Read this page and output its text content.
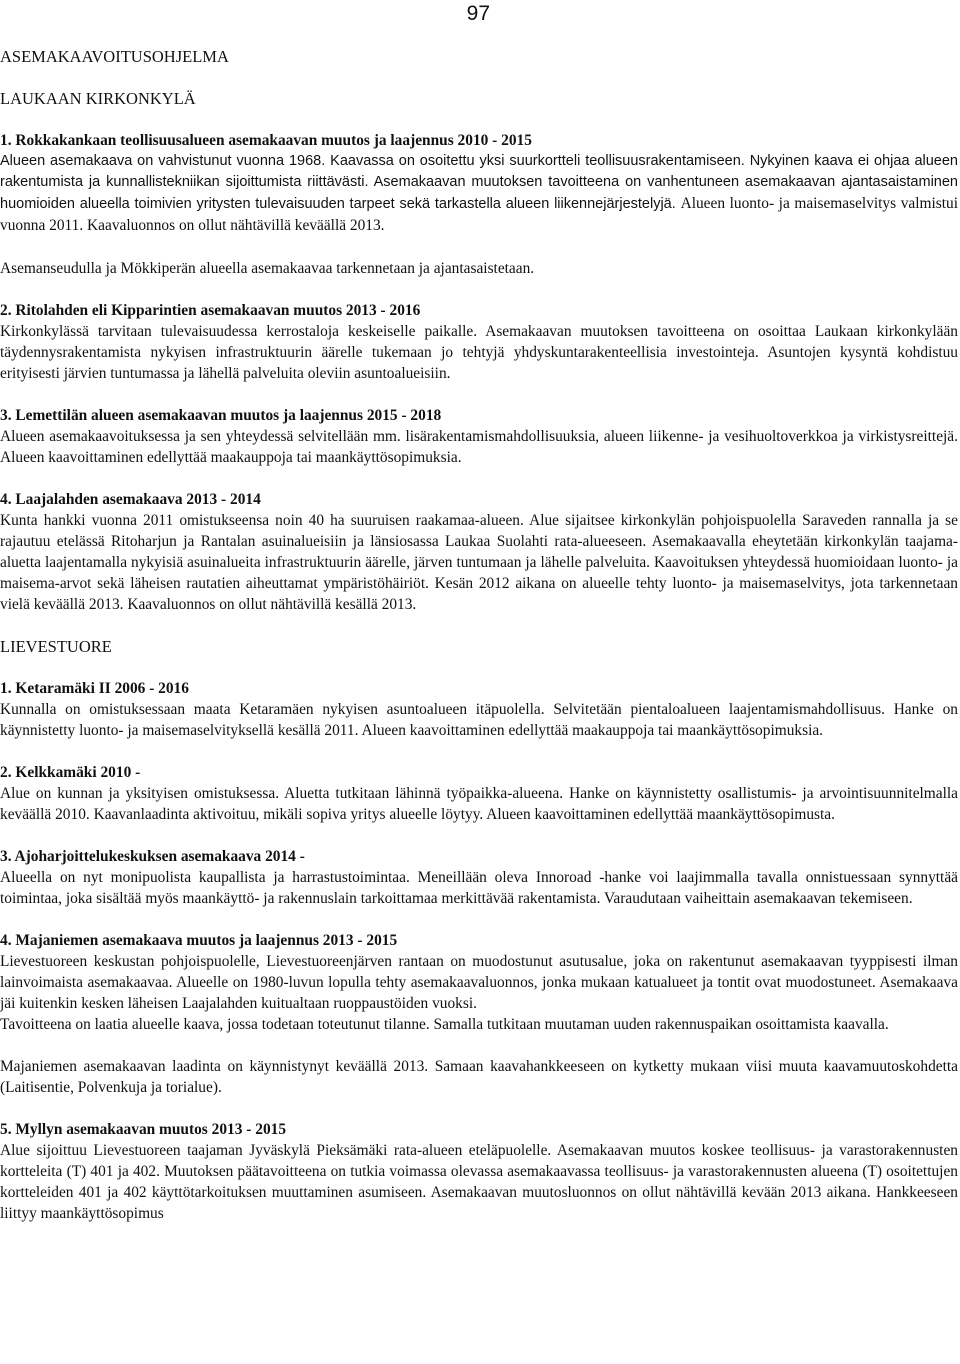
97

ASEMAKAAVOITUSOHJELMA

LAUKAAN KIRKONKYLÄ

1. Rokkakankaan teollisuusalueen asemakaavan muutos ja laajennus 2010 - 2015

Alueen asemakaava on vahvistunut vuonna 1968. Kaavassa on osoitettu yksi suurkortteli teollisuusrakentamiseen. Nykyinen kaava ei ohjaa alueen rakentumista ja kunnallistekniikan sijoittumista riittävästi. Asemakaavan muutoksen tavoitteena on vanhentuneen asemakaavan ajantasaistaminen huomioiden alueella toimivien yritysten tulevaisuuden tarpeet sekä tarkastella alueen liikennejärjestelyjä. Alueen luonto- ja maisemaselvitys valmistui vuonna 2011. Kaavaluonnos on ollut nähtävillä keväällä 2013.

Asemanseudulla ja Mökkiperän alueella asemakaavaa tarkennetaan ja ajantasaistetaan.

2. Ritolahden eli Kipparintien asemakaavan muutos 2013 - 2016

Kirkonkylässä tarvitaan tulevaisuudessa kerrostaloja keskeiselle paikalle. Asemakaavan muutoksen tavoitteena on osoittaa Laukaan kirkonkylään täydennysrakentamista nykyisen infrastruktuurin äärelle tukemaan jo tehtyjä yhdyskuntarakenteellisia investointeja. Asuntojen kysyntä kohdistuu erityisesti järvien tuntumassa ja lähellä palveluita oleviin asuntoalueisiin.

3. Lemettilän alueen asemakaavan muutos ja laajennus 2015 - 2018

Alueen asemakaavoituksessa ja sen yhteydessä selvitellään mm. lisärakentamismahdollisuuksia, alueen liikenne- ja vesihuoltoverkkoa ja virkistysreittejä. Alueen kaavoittaminen edellyttää maakauppoja tai maankäyttösopimuksia.

4. Laajalahden asemakaava 2013 - 2014

Kunta hankki vuonna 2011 omistukseensa noin 40 ha suuruisen raakamaa-alueen. Alue sijaitsee kirkonkylän pohjoispuolella Saraveden rannalla ja se rajautuu etelässä Ritoharjun ja Rantalan asuinalueisiin ja länsiosassa Laukaa Suolahti rata-alueeseen. Asemakaavalla eheytetään kirkonkylän taajama-aluetta laajentamalla nykyisiä asuinalueita infrastruktuurin äärelle, järven tuntumaan ja lähelle palveluita. Kaavoituksen yhteydessä huomioidaan luonto- ja maisema-arvot sekä läheisen rautatien aiheuttamat ympäristöhäiriöt. Kesän 2012 aikana on alueelle tehty luonto- ja maisemaselvitys, jota tarkennetaan vielä keväällä 2013. Kaavaluonnos on ollut nähtävillä kesällä 2013.

LIEVESTUORE

1. Ketaramäki II 2006 - 2016

Kunnalla on omistuksessaan maata Ketaramäen nykyisen asuntoalueen itäpuolella. Selvitetään pientaloalueen laajentamismahdollisuus. Hanke on käynnistetty luonto- ja maisemaselvityksellä kesällä 2011. Alueen kaavoittaminen edellyttää maakauppoja tai maankäyttösopimuksia.

2. Kelkkamäki 2010 -

Alue on kunnan ja yksityisen omistuksessa. Aluetta tutkitaan lähinnä työpaikka-alueena. Hanke on käynnistetty osallistumis- ja arvointisuunnitelmalla keväällä 2010. Kaavanlaadinta aktivoituu, mikäli sopiva yritys alueelle löytyy. Alueen kaavoittaminen edellyttää maankäyttösopimusta.

3. Ajoharjoittelukeskuksen asemakaava 2014 -

Alueella on nyt monipuolista kaupallista ja harrastustoimintaa. Meneillään oleva Innoroad -hanke voi laajimmalla tavalla onnistuessaan synnyttää toimintaa, joka sisältää myös maankäyttö- ja rakennuslain tarkoittamaa merkittävää rakentamista. Varaudutaan vaiheittain asemakaavan tekemiseen.

4. Majaniemen asemakaava muutos ja laajennus 2013 - 2015

Lievestuoreen keskustan pohjoispuolelle, Lievestuoreenjärven rantaan on muodostunut asutusalue, joka on rakentunut asemakaavan tyyppisesti ilman lainvoimaista asemakaavaa. Alueelle on 1980-luvun lopulla tehty asemakaavaluonnos, jonka mukaan katualueet ja tontit ovat muodostuneet. Asemakaava jäi kuitenkin kesken läheisen Laajalahden kuitualtaan ruoppaustöiden vuoksi.

Tavoitteena on laatia alueelle kaava, jossa todetaan toteutunut tilanne. Samalla tutkitaan muutaman uuden rakennuspaikan osoittamista kaavalla.

Majaniemen asemakaavan laadinta on käynnistynyt keväällä 2013. Samaan kaavahankkeeseen on kytketty mukaan viisi muuta kaavamuutoskohdetta (Laitisentie, Polvenkuja ja torialue).

5. Myllyn asemakaavan muutos 2013 - 2015

Alue sijoittuu Lievestuoreen taajaman Jyväskylä Pieksämäki rata-alueen eteläpuolelle. Asemakaavan muutos koskee teollisuus- ja varastorakennusten kortteleita (T) 401 ja 402. Muutoksen päätavoitteena on tutkia voimassa olevassa asemakaavassa teollisuus- ja varastorakennusten alueena (T) osoitettujen kortteleiden 401 ja 402 käyttötarkoituksen muuttaminen asumiseen. Asemakaavan muutosluonnos on ollut nähtävillä kevään 2013 aikana. Hankkeeseen liittyy maankäyttösopimus
